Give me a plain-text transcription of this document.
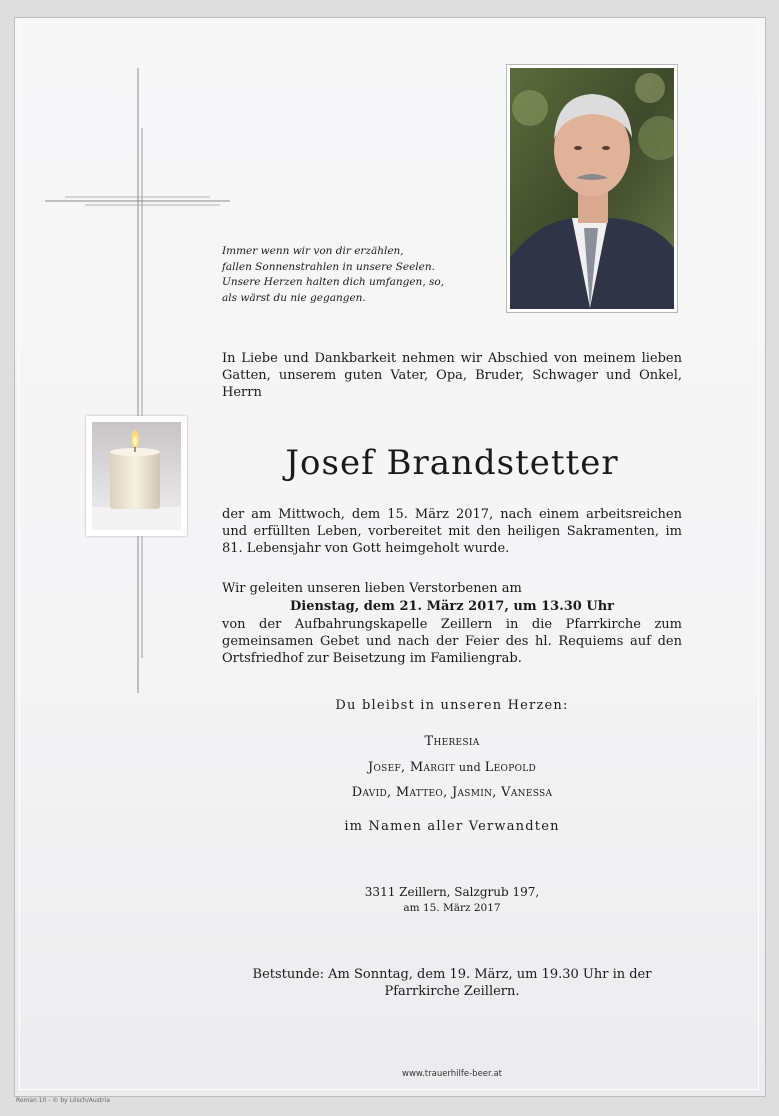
Immer wenn wir von dir erzählen,
fallen Sonnenstrahlen in unsere Seelen.
Unsere Herzen halten dich umfangen, so,
als wärst du nie gegangen.
In Liebe und Dankbarkeit nehmen wir Abschied von meinem lieben Gatten, unserem guten Vater, Opa, Bruder, Schwager und Onkel, Herrn
Josef Brandstetter
der am Mittwoch, dem 15. März 2017, nach einem arbeitsreichen und erfüllten Leben, vorbereitet mit den heiligen Sakramenten, im 81. Lebensjahr von Gott heimgeholt wurde.
Wir geleiten unseren lieben Verstorbenen am
Dienstag, dem 21. März 2017, um 13.30 Uhr
von der Aufbahrungskapelle Zeillern in die Pfarrkirche zum gemeinsamen Gebet und nach der Feier des hl. Requiems auf den Ortsfriedhof zur Beisetzung im Familiengrab.
Du bleibst in unseren Herzen:
Theresia
Josef, Margit und Leopold
David, Matteo, Jasmin, Vanessa
im Namen aller Verwandten
3311 Zeillern, Salzgrub 197,
am 15. März 2017
Betstunde: Am Sonntag, dem 19. März, um 19.30 Uhr in der
Pfarrkirche Zeillern.
www.trauerhilfe-beer.at
Roman 10 - © by Lösch/Austria
